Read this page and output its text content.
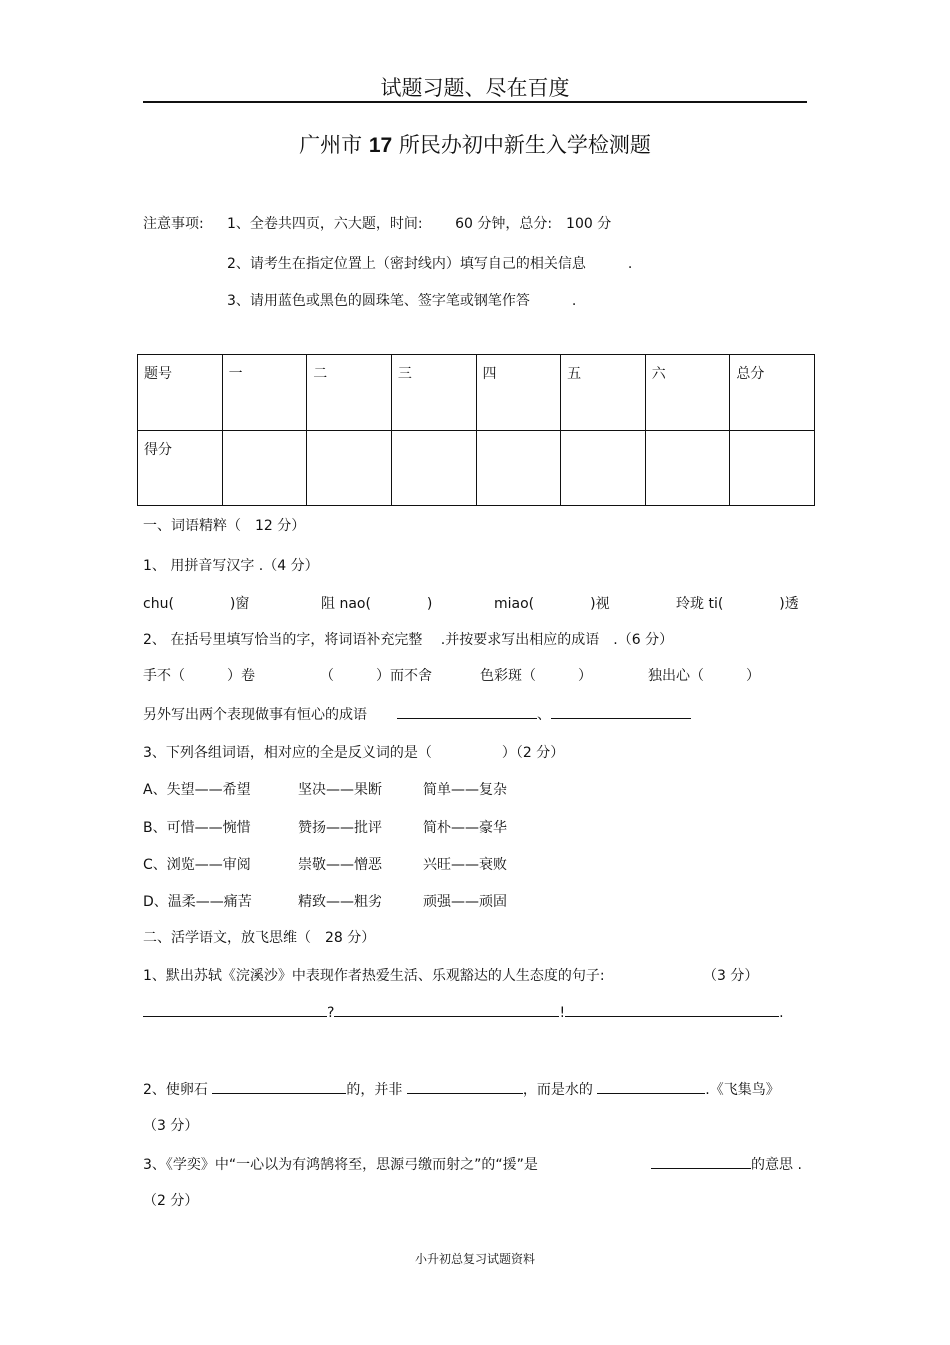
试题习题、尽在百度
广州市 17 所民办初中新生入学检测题
注意事项: 1、全卷共四页，六大题，时间:　　 60 分钟，总分:　100 分
2、请考生在指定位置上（密封线内）填写自己的相关信息　　　.
3、请用蓝色或黑色的圆珠笔、签字笔或钢笔作答　　　.
题号	一	二	三	四	五	六	总分
得分							
一、词语精粹（　12 分）
1、 用拼音写汉字 .（4 分）
chu(　　　　)窗	阻 nao(　　　　)	miao(　　　　)视	玲珑 ti(　　　　)透
2、 在括号里填写恰当的字，将词语补充完整　 .并按要求写出相应的成语　.（6 分）
手不（　　　）卷	（　　　）而不舍	色彩斑（　　　）	独出心（　　　）
另外写出两个表现做事有恒心的成语	、
3、下列各组词语，相对应的全是反义词的是（　　　　　）（2 分）
A、失望——希望	坚决——果断	简单——复杂
B、可惜——惋惜	赞扬——批评	简朴——豪华
C、浏览——审阅	崇敬——憎恶	兴旺——衰败
D、温柔——痛苦	精致——粗劣	顽强——顽固
二、活学语文，放飞思维（　28 分）
1、默出苏轼《浣溪沙》中表现作者热爱生活、乐观豁达的人生态度的句子:	（3 分）
?	!	.
2、使卵石	的，并非	，而是水的	.《飞集鸟》
（3 分）
3、《学奕》中“一心以为有鸿鹄将至，思源弓缴而射之”的“援”是	的意思 .
（2 分）
小升初总复习试题资料
